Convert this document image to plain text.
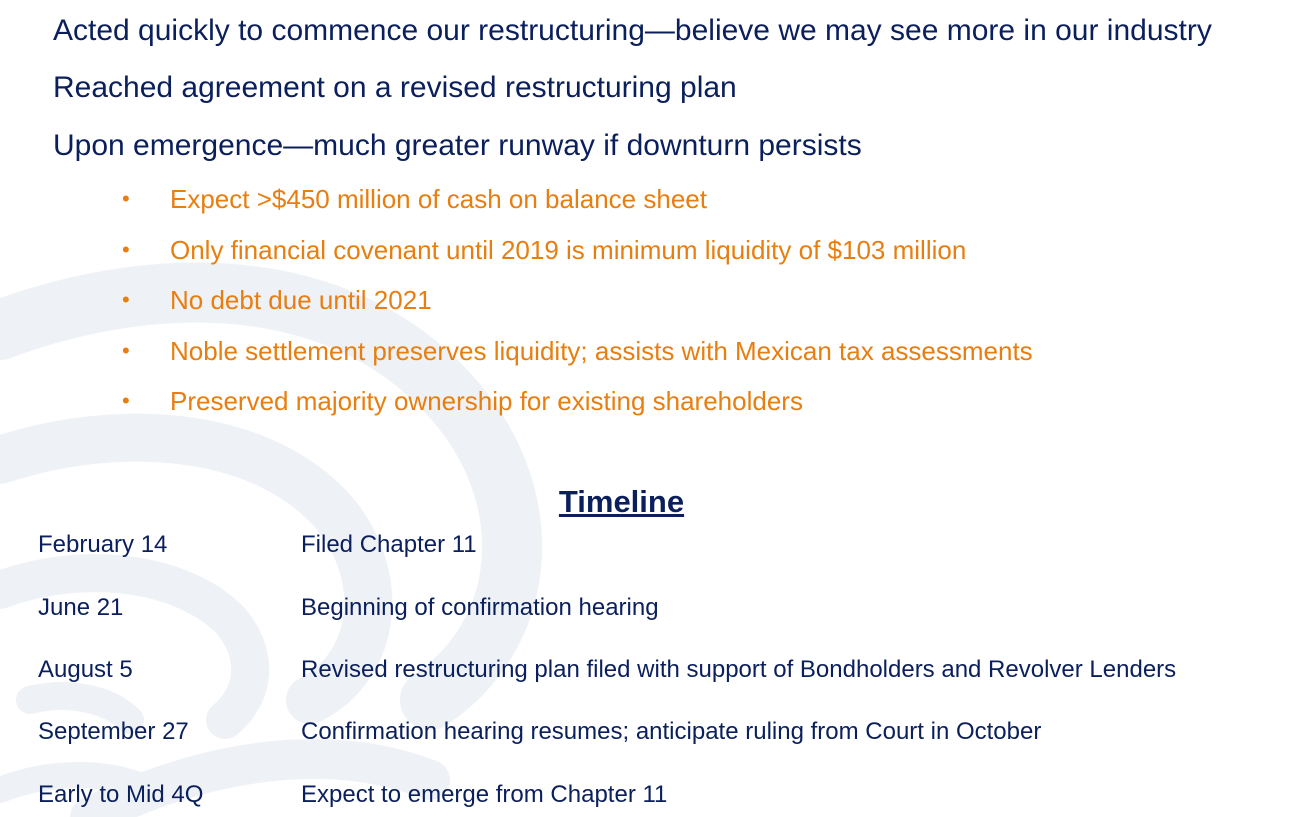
Acted quickly to commence our restructuring—believe we may see more in our industry

Reached agreement on a revised restructuring plan

Upon emergence—much greater runway if downturn persists

• Expect >$450 million of cash on balance sheet
• Only financial covenant until 2019 is minimum liquidity of $103 million
• No debt due until 2021
• Noble settlement preserves liquidity; assists with Mexican tax assessments
• Preserved majority ownership for existing shareholders
Timeline
February 14	Filed Chapter 11
June 21	Beginning of confirmation hearing
August 5	Revised restructuring plan filed with support of Bondholders and Revolver Lenders
September 27	Confirmation hearing resumes; anticipate ruling from Court in October
Early to Mid 4Q	Expect to emerge from Chapter 11
